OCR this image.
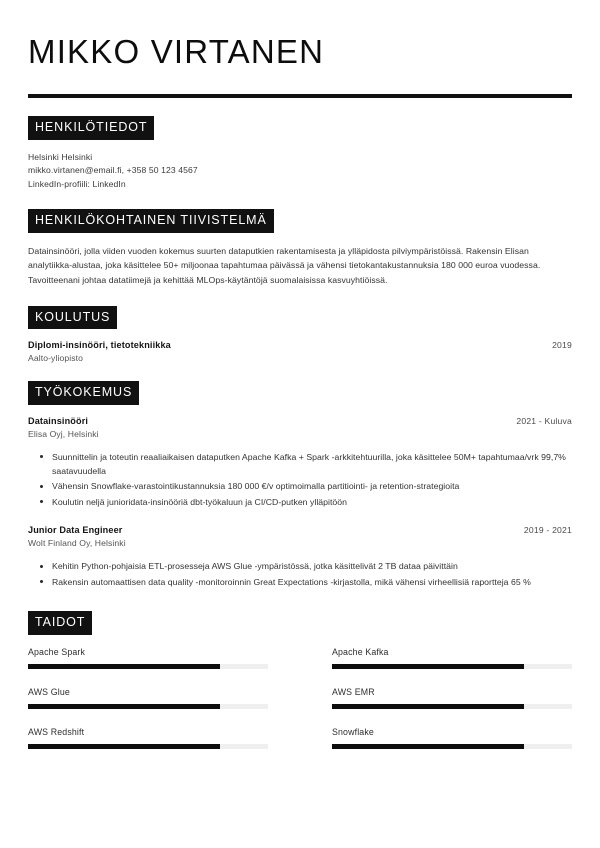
MIKKO VIRTANEN
HENKILÖTIEDOT
Helsinki Helsinki
mikko.virtanen@email.fi, +358 50 123 4567
LinkedIn-profiili: LinkedIn
HENKILÖKOHTAINEN TIIVISTELMÄ

Datainsinööri, jolla viiden vuoden kokemus suurten dataputkien rakentamisesta ja ylläpidosta pilviympäristöissä. Rakensin Elisan analytiikka-alustaa, joka käsittelee 50+ miljoonaa tapahtumaa päivässä ja vähensi tietokantakustannuksia 180 000 euroa vuodessa. Tavoitteenani johtaa datatiimejä ja kehittää MLOps-käytäntöjä suomalaisissa kasvuyhtiöissä.

KOULUTUS
Diplomi-insinööri, tietotekniikka	2019
Aalto-yliopisto
TYÖKOKEMUS
Datainsinööri	2021 - Kuluva
Elisa Oyj, Helsinki
Suunnittelin ja toteutin reaaliaikaisen dataputken Apache Kafka + Spark -arkkitehtuurilla, joka käsittelee 50M+ tapahtumaa/vrk 99,7% saatavuudella
Vähensin Snowflake-varastointikustannuksia 180 000 €/v optimoimalla partitiointi- ja retention-strategioita
Koulutin neljä junioridata-insinööriä dbt-työkaluun ja CI/CD-putken ylläpitöön
Junior Data Engineer	2019 - 2021
Wolt Finland Oy, Helsinki
Kehitin Python-pohjaisia ETL-prosesseja AWS Glue -ympäristössä, jotka käsittelivät 2 TB dataa päivittäin
Rakensin automaattisen data quality -monitoroinnin Great Expectations -kirjastolla, mikä vähensi virheellisiä raportteja 65 %
TAIDOT
Apache Spark	Apache Kafka
AWS Glue	AWS EMR
AWS Redshift	Snowflake
